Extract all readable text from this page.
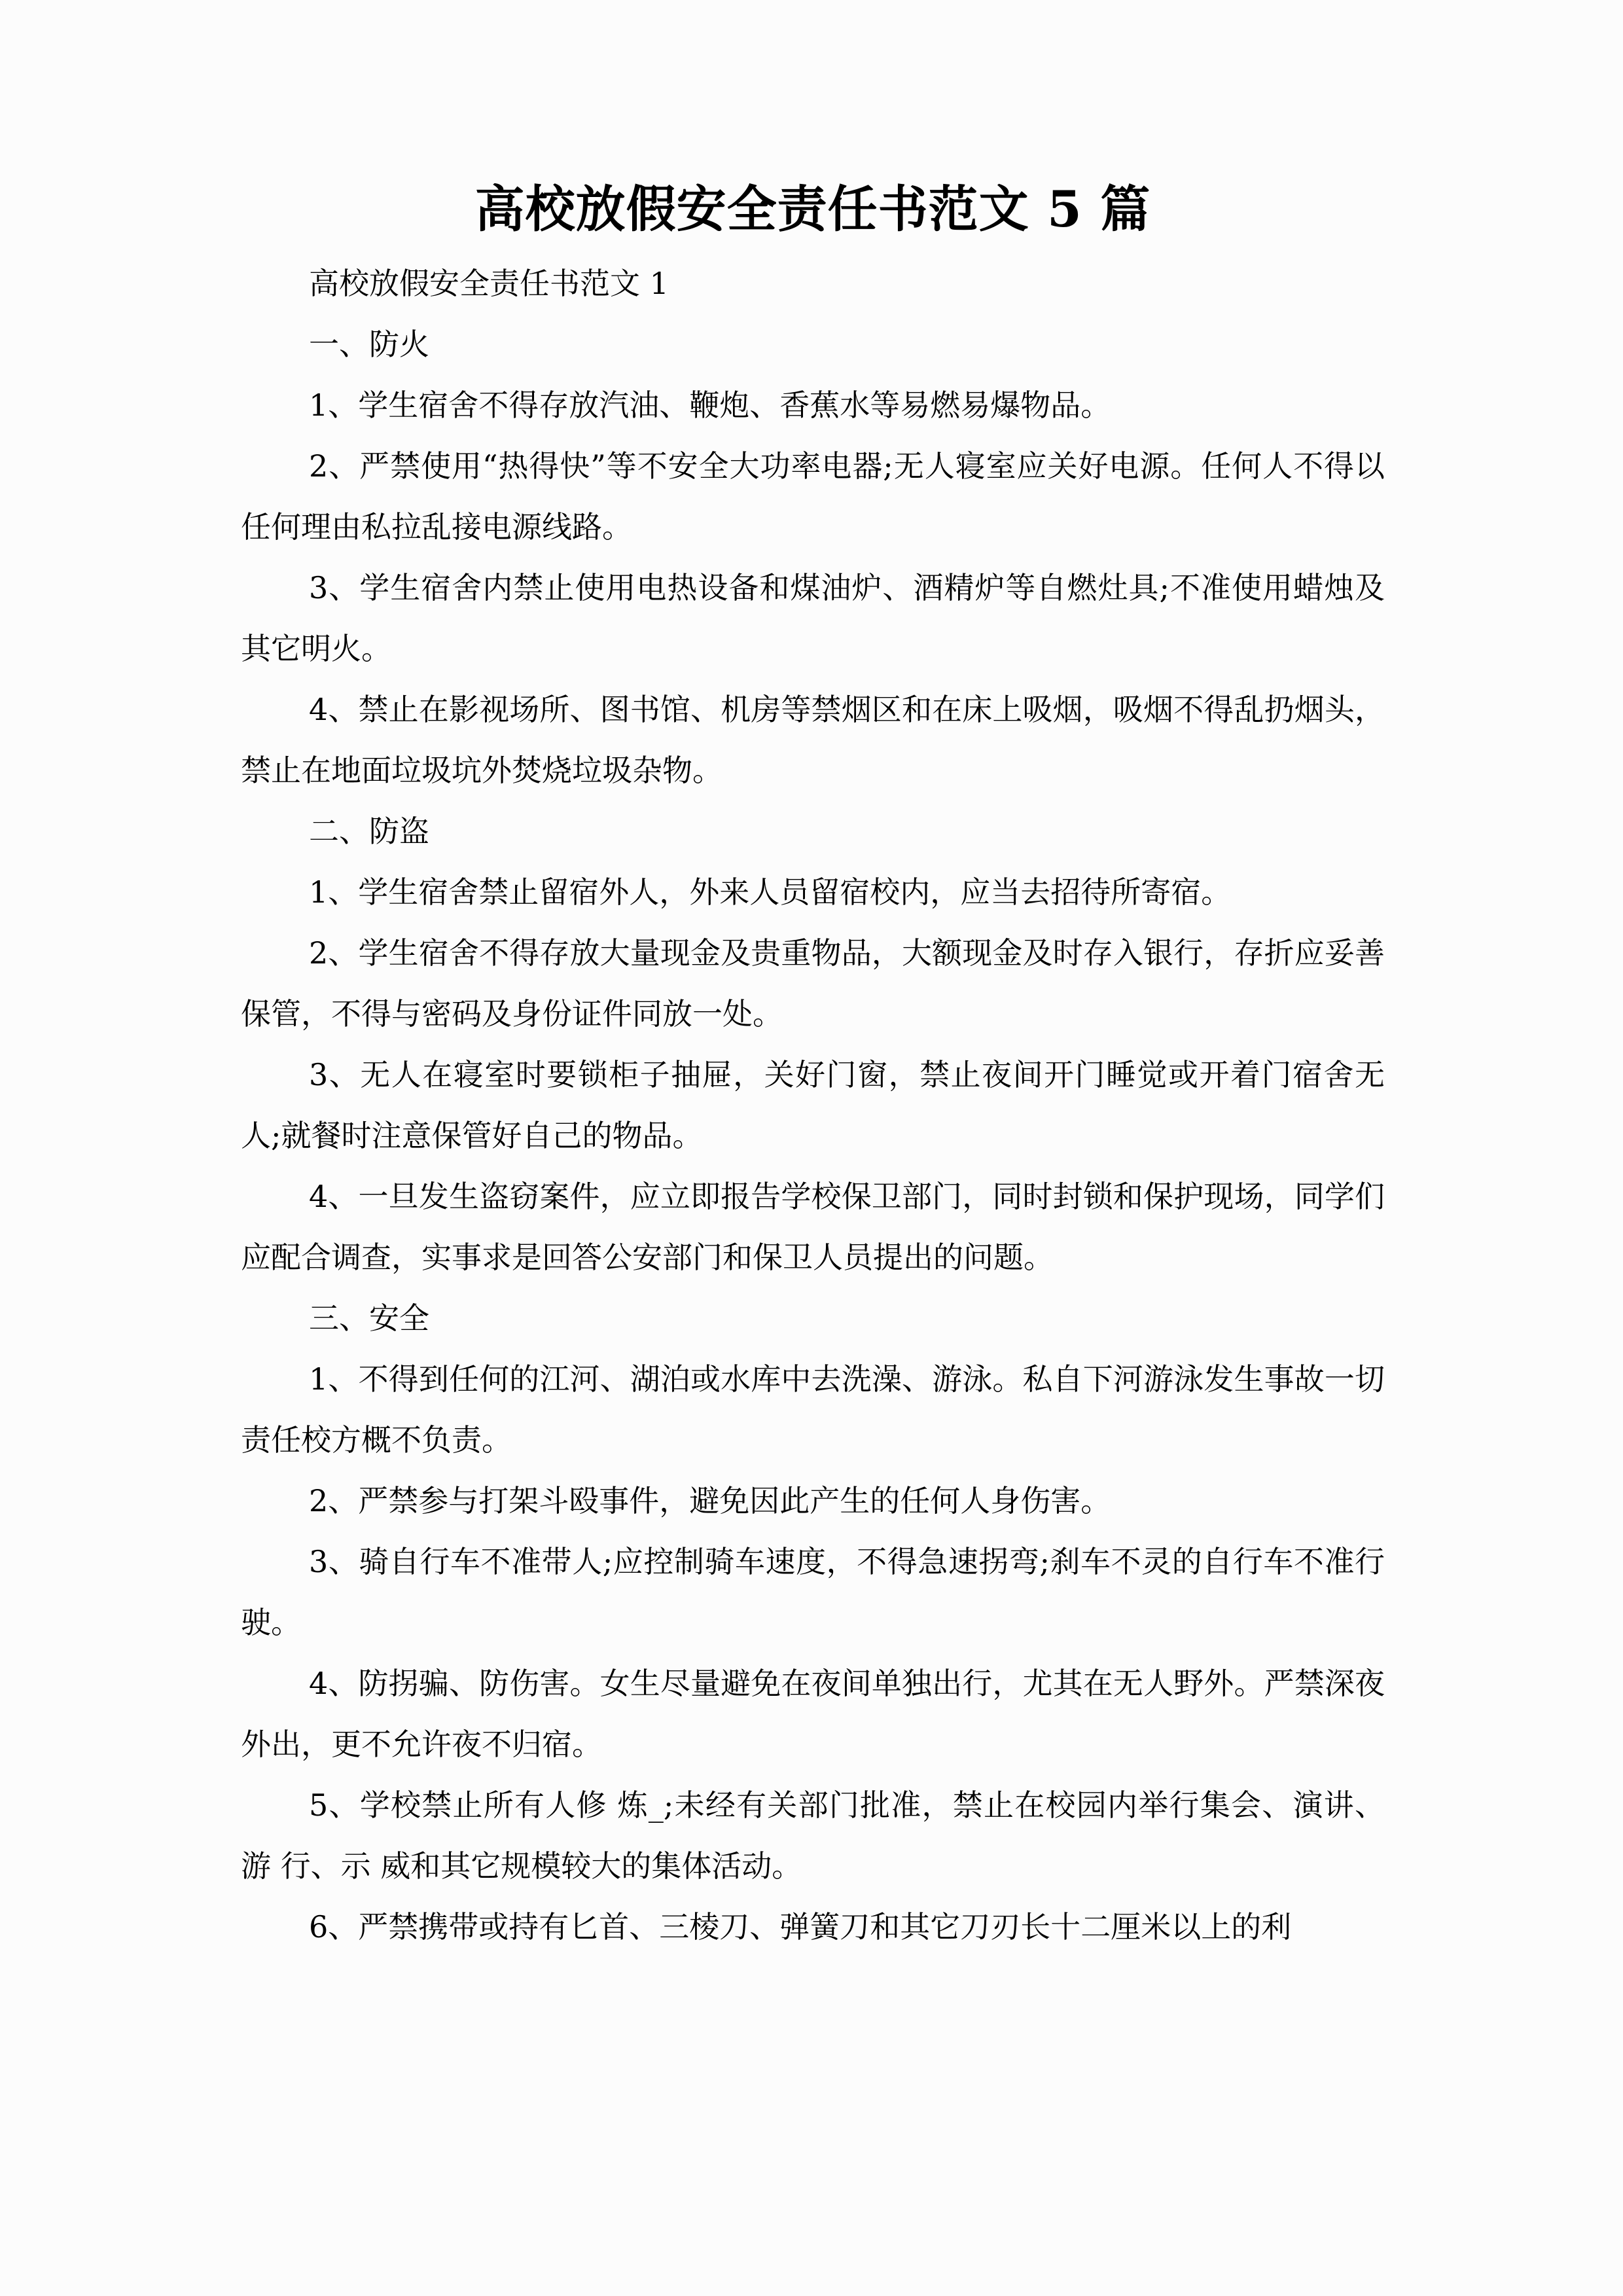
高校放假安全责任书范文 5 篇

高校放假安全责任书范文 1

一、防火

1、学生宿舍不得存放汽油、鞭炮、香蕉水等易燃易爆物品。

2、严禁使用“热得快”等不安全大功率电器;无人寝室应关好电源。任何人不得以任何理由私拉乱接电源线路。

3、学生宿舍内禁止使用电热设备和煤油炉、酒精炉等自燃灶具;不准使用蜡烛及其它明火。

4、禁止在影视场所、图书馆、机房等禁烟区和在床上吸烟，吸烟不得乱扔烟头，禁止在地面垃圾坑外焚烧垃圾杂物。

二、防盗

1、学生宿舍禁止留宿外人，外来人员留宿校内，应当去招待所寄宿。

2、学生宿舍不得存放大量现金及贵重物品，大额现金及时存入银行，存折应妥善保管，不得与密码及身份证件同放一处。

3、无人在寝室时要锁柜子抽屉，关好门窗，禁止夜间开门睡觉或开着门宿舍无人;就餐时注意保管好自己的物品。

4、一旦发生盗窃案件，应立即报告学校保卫部门，同时封锁和保护现场，同学们应配合调查，实事求是回答公安部门和保卫人员提出的问题。

三、安全

1、不得到任何的江河、湖泊或水库中去洗澡、游泳。私自下河游泳发生事故一切责任校方概不负责。

2、严禁参与打架斗殴事件，避免因此产生的任何人身伤害。

3、骑自行车不准带人;应控制骑车速度，不得急速拐弯;刹车不灵的自行车不准行驶。

4、防拐骗、防伤害。女生尽量避免在夜间单独出行，尤其在无人野外。严禁深夜外出，更不允许夜不归宿。

5、学校禁止所有人修 炼_;未经有关部门批准，禁止在校园内举行集会、演讲、游 行、示 威和其它规模较大的集体活动。

6、严禁携带或持有匕首、三棱刀、弹簧刀和其它刀刃长十二厘米以上的利
